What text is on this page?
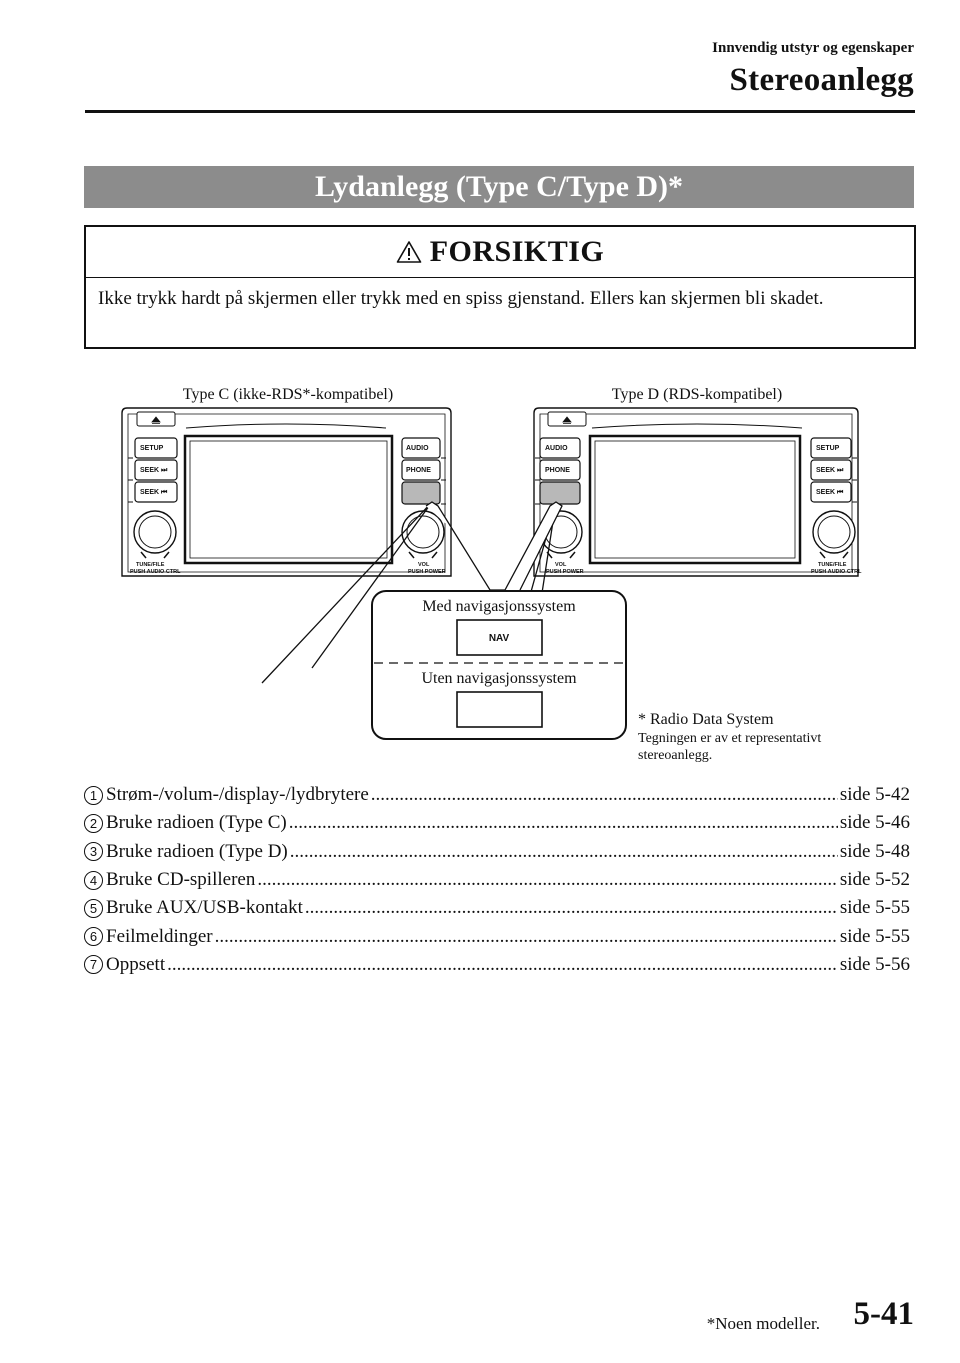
Innvendig utstyr og egenskaper
Stereoanlegg
Lydanlegg (Type C/Type D)*
FORSIKTIG
Ikke trykk hardt på skjermen eller trykk med en spiss gjenstand. Ellers kan skjermen bli skadet.
Type C (ikke-RDS*-kompatibel)	Type D (RDS-kompatibel)
SETUP
SEEK ⏭
SEEK ⏮
AUDIO
PHONE
TUNE/FILE
PUSH AUDIO CTRL
VOL
PUSH POWER
AUDIO
PHONE
SETUP
SEEK ⏭
SEEK ⏮
VOL
PUSH POWER
TUNE/FILE
PUSH AUDIO CTRL
Med navigasjonssystem
NAV
Uten navigasjonssystem
* Radio Data System
Tegningen er av et representativt
stereoanlegg.
1 Strøm-/volum-/display-/lydbrytere .....	side 5-42
2 Bruke radioen (Type C) .....	side 5-46
3 Bruke radioen (Type D) .....	side 5-48
4 Bruke CD-spilleren .....	side 5-52
5 Bruke AUX/USB-kontakt .....	side 5-55
6 Feilmeldinger .....	side 5-55
7 Oppsett .....	side 5-56
*Noen modeller. 5-41
